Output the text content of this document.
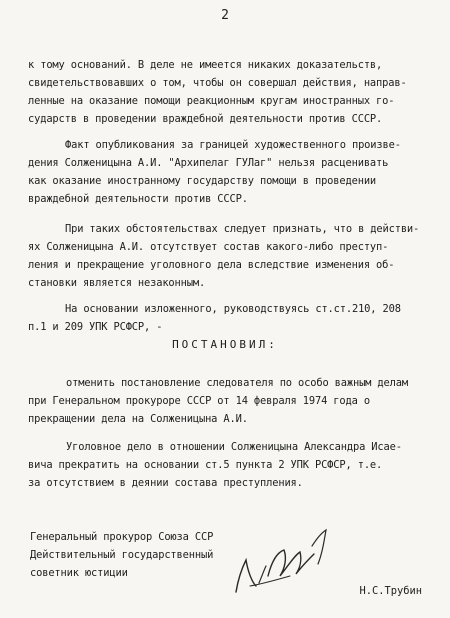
2
к тому оснований. В деле не имеется никаких доказательств,
свидетельствовавших о том, чтобы он совершал действия, направ-
ленные на оказание помощи реакционным кругам иностранных го-
сударств в проведении враждебной деятельности против СССР.
Факт опубликования за границей художественного произве-
дения Солженицына А.И. "Архипелаг ГУЛаг" нельзя расценивать
как оказание иностранному государству помощи в проведении
враждебной деятельности против СССР.
При таких обстоятельствах следует признать, что в действи-
ях Солженицына А.И. отсутствует состав какого-либо преступ-
ления и прекращение уголовного дела вследствие изменения об-
становки является незаконным.
На основании изложенного, руководствуясь ст.ст.210, 208
п.1 и 209 УПК РСФСР, -
ПОСТАНОВИЛ:
отменить постановление следователя по особо важным делам
при Генеральном прокуроре СССР от 14 февраля 1974 года о
прекращении дела на Солженицына А.И.
Уголовное дело в отношении Солженицына Александра Исае-
вича прекратить на основании ст.5 пункта 2 УПК РСФСР, т.е.
за отсутствием в деянии состава преступления.
Генеральный прокурор Союза ССР
Действительный государственный
советник юстиции
Н.С.Трубин
